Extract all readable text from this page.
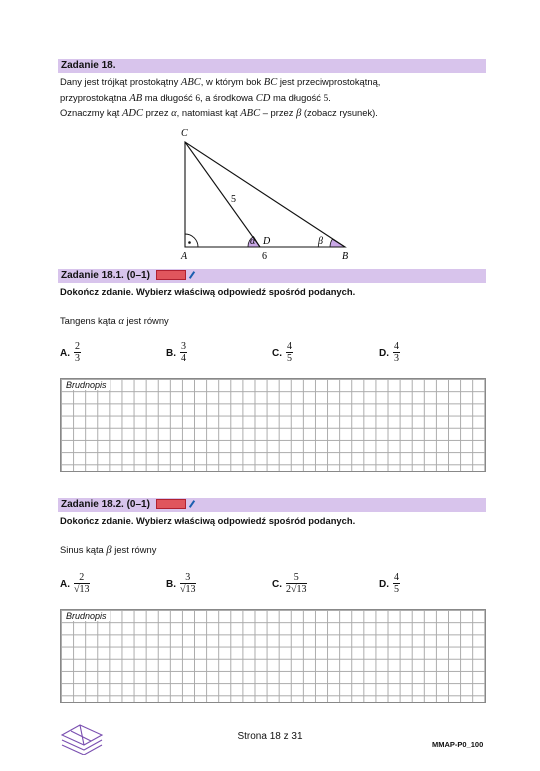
Zadanie 18.
Dany jest trójkąt prostokątny ABC, w którym bok BC jest przeciwprostokątną,
przyprostokątna AB ma długość 6, a środkowa CD ma długość 5.
Oznaczmy kąt ADC przez α, natomiast kąt ABC – przez β (zobacz rysunek).
C
A	B
D
5
6
α	β
Zadanie 18.1. (0–1)
Dokończ zdanie. Wybierz właściwą odpowiedź spośród podanych.
Tangens kąta α jest równy
A. $\frac{2}{3}$	B. $\frac{3}{4}$	C. $\frac{4}{5}$	D. $\frac{4}{3}$
Brudnopis
Zadanie 18.2. (0–1)
Dokończ zdanie. Wybierz właściwą odpowiedź spośród podanych.
Sinus kąta β jest równy
A. $\frac{2}{√13}$	B. $\frac{3}{√13}$	C. $\frac{5}{2√13}$	D. $\frac{4}{5}$
Brudnopis
Strona 18 z 31
MMAP-P0_100
